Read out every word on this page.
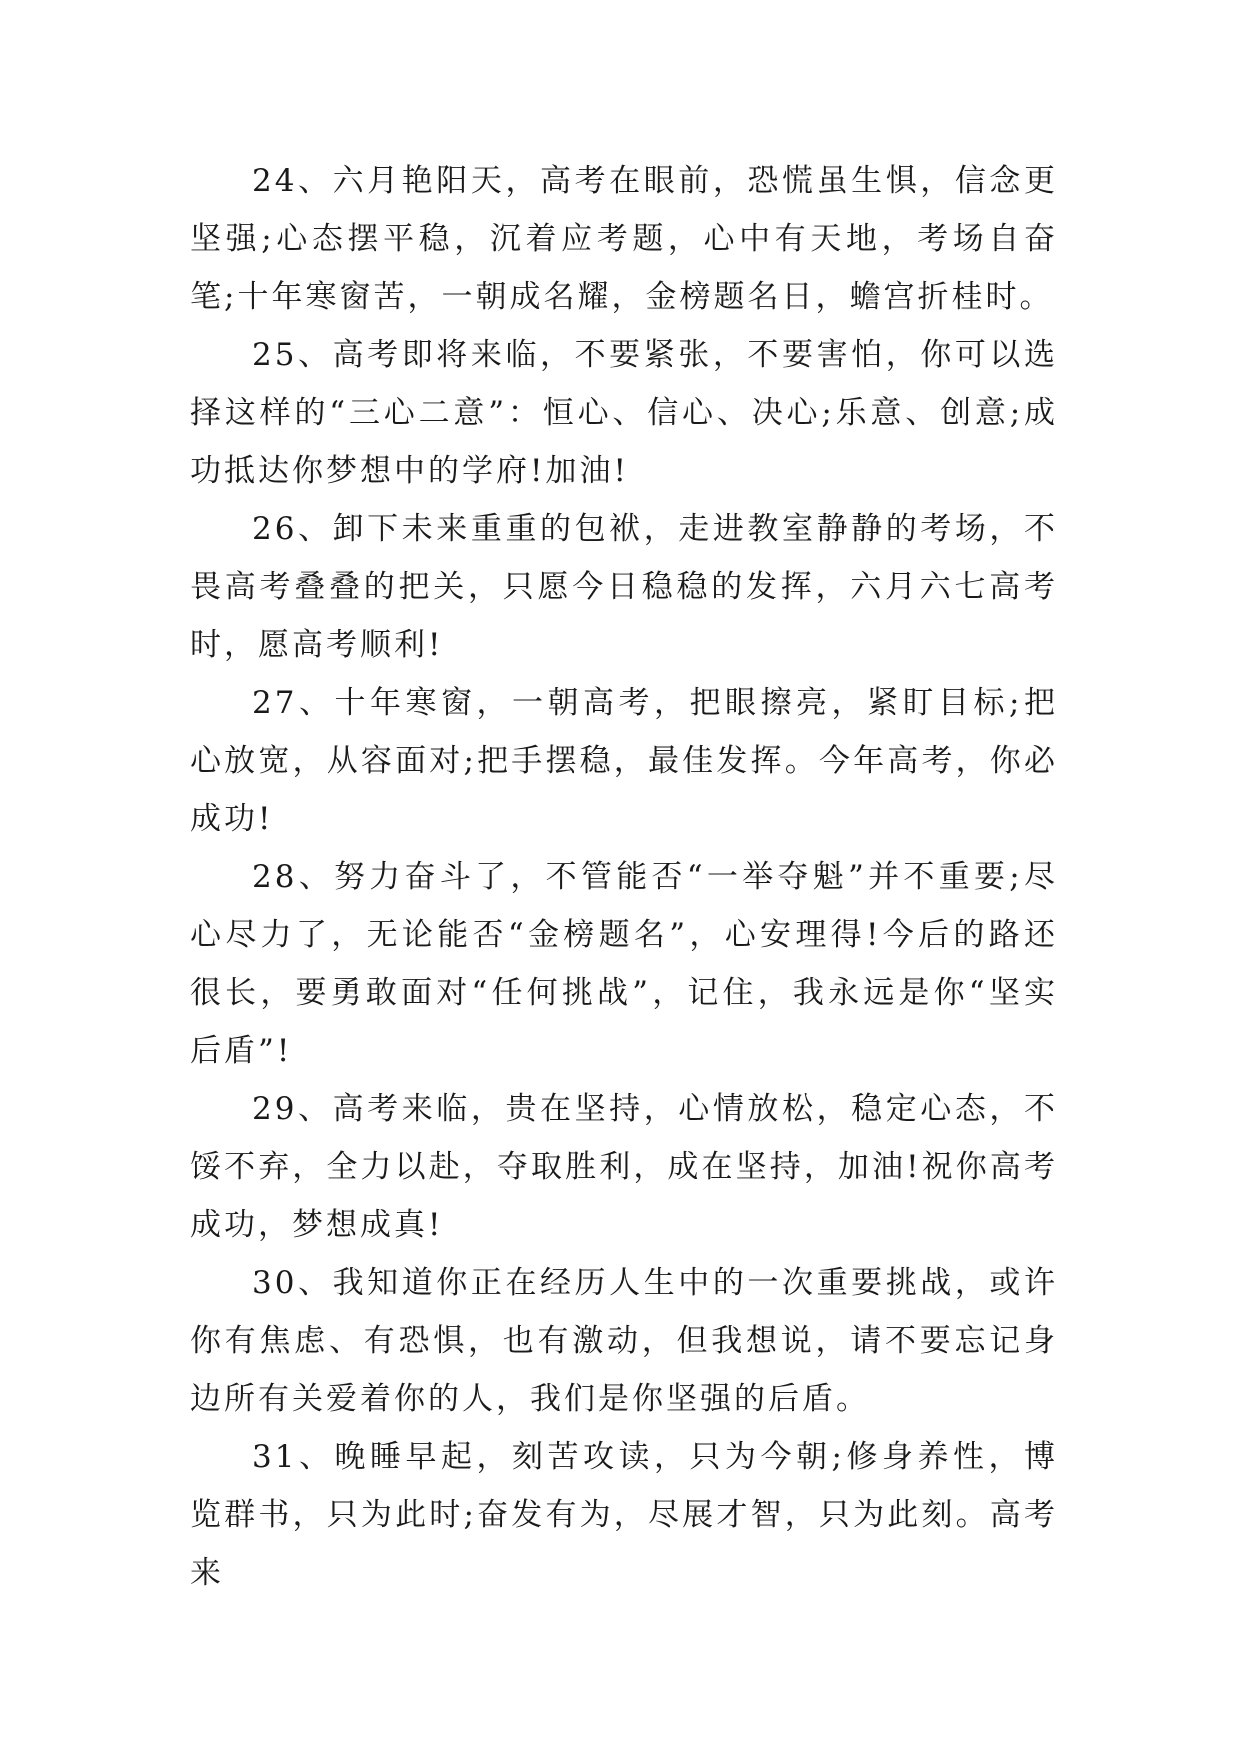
24、六月艳阳天，高考在眼前，恐慌虽生惧，信念更坚强;心态摆平稳，沉着应考题，心中有天地，考场自奋笔;十年寒窗苦，一朝成名耀，金榜题名日，蟾宫折桂时。

25、高考即将来临，不要紧张，不要害怕，你可以选择这样的“三心二意”：恒心、信心、决心;乐意、创意;成功抵达你梦想中的学府!加油!

26、卸下未来重重的包袱，走进教室静静的考场，不畏高考叠叠的把关，只愿今日稳稳的发挥，六月六七高考时，愿高考顺利!

27、十年寒窗，一朝高考，把眼擦亮，紧盯目标;把心放宽，从容面对;把手摆稳，最佳发挥。今年高考，你必成功!

28、努力奋斗了，不管能否“一举夺魁”并不重要;尽心尽力了，无论能否“金榜题名”，心安理得!今后的路还很长，要勇敢面对“任何挑战”，记住，我永远是你“坚实后盾”!

29、高考来临，贵在坚持，心情放松，稳定心态，不馁不弃，全力以赴，夺取胜利，成在坚持，加油!祝你高考成功，梦想成真!

30、我知道你正在经历人生中的一次重要挑战，或许你有焦虑、有恐惧，也有激动，但我想说，请不要忘记身边所有关爱着你的人，我们是你坚强的后盾。

31、晚睡早起，刻苦攻读，只为今朝;修身养性，博览群书，只为此时;奋发有为，尽展才智，只为此刻。高考来
